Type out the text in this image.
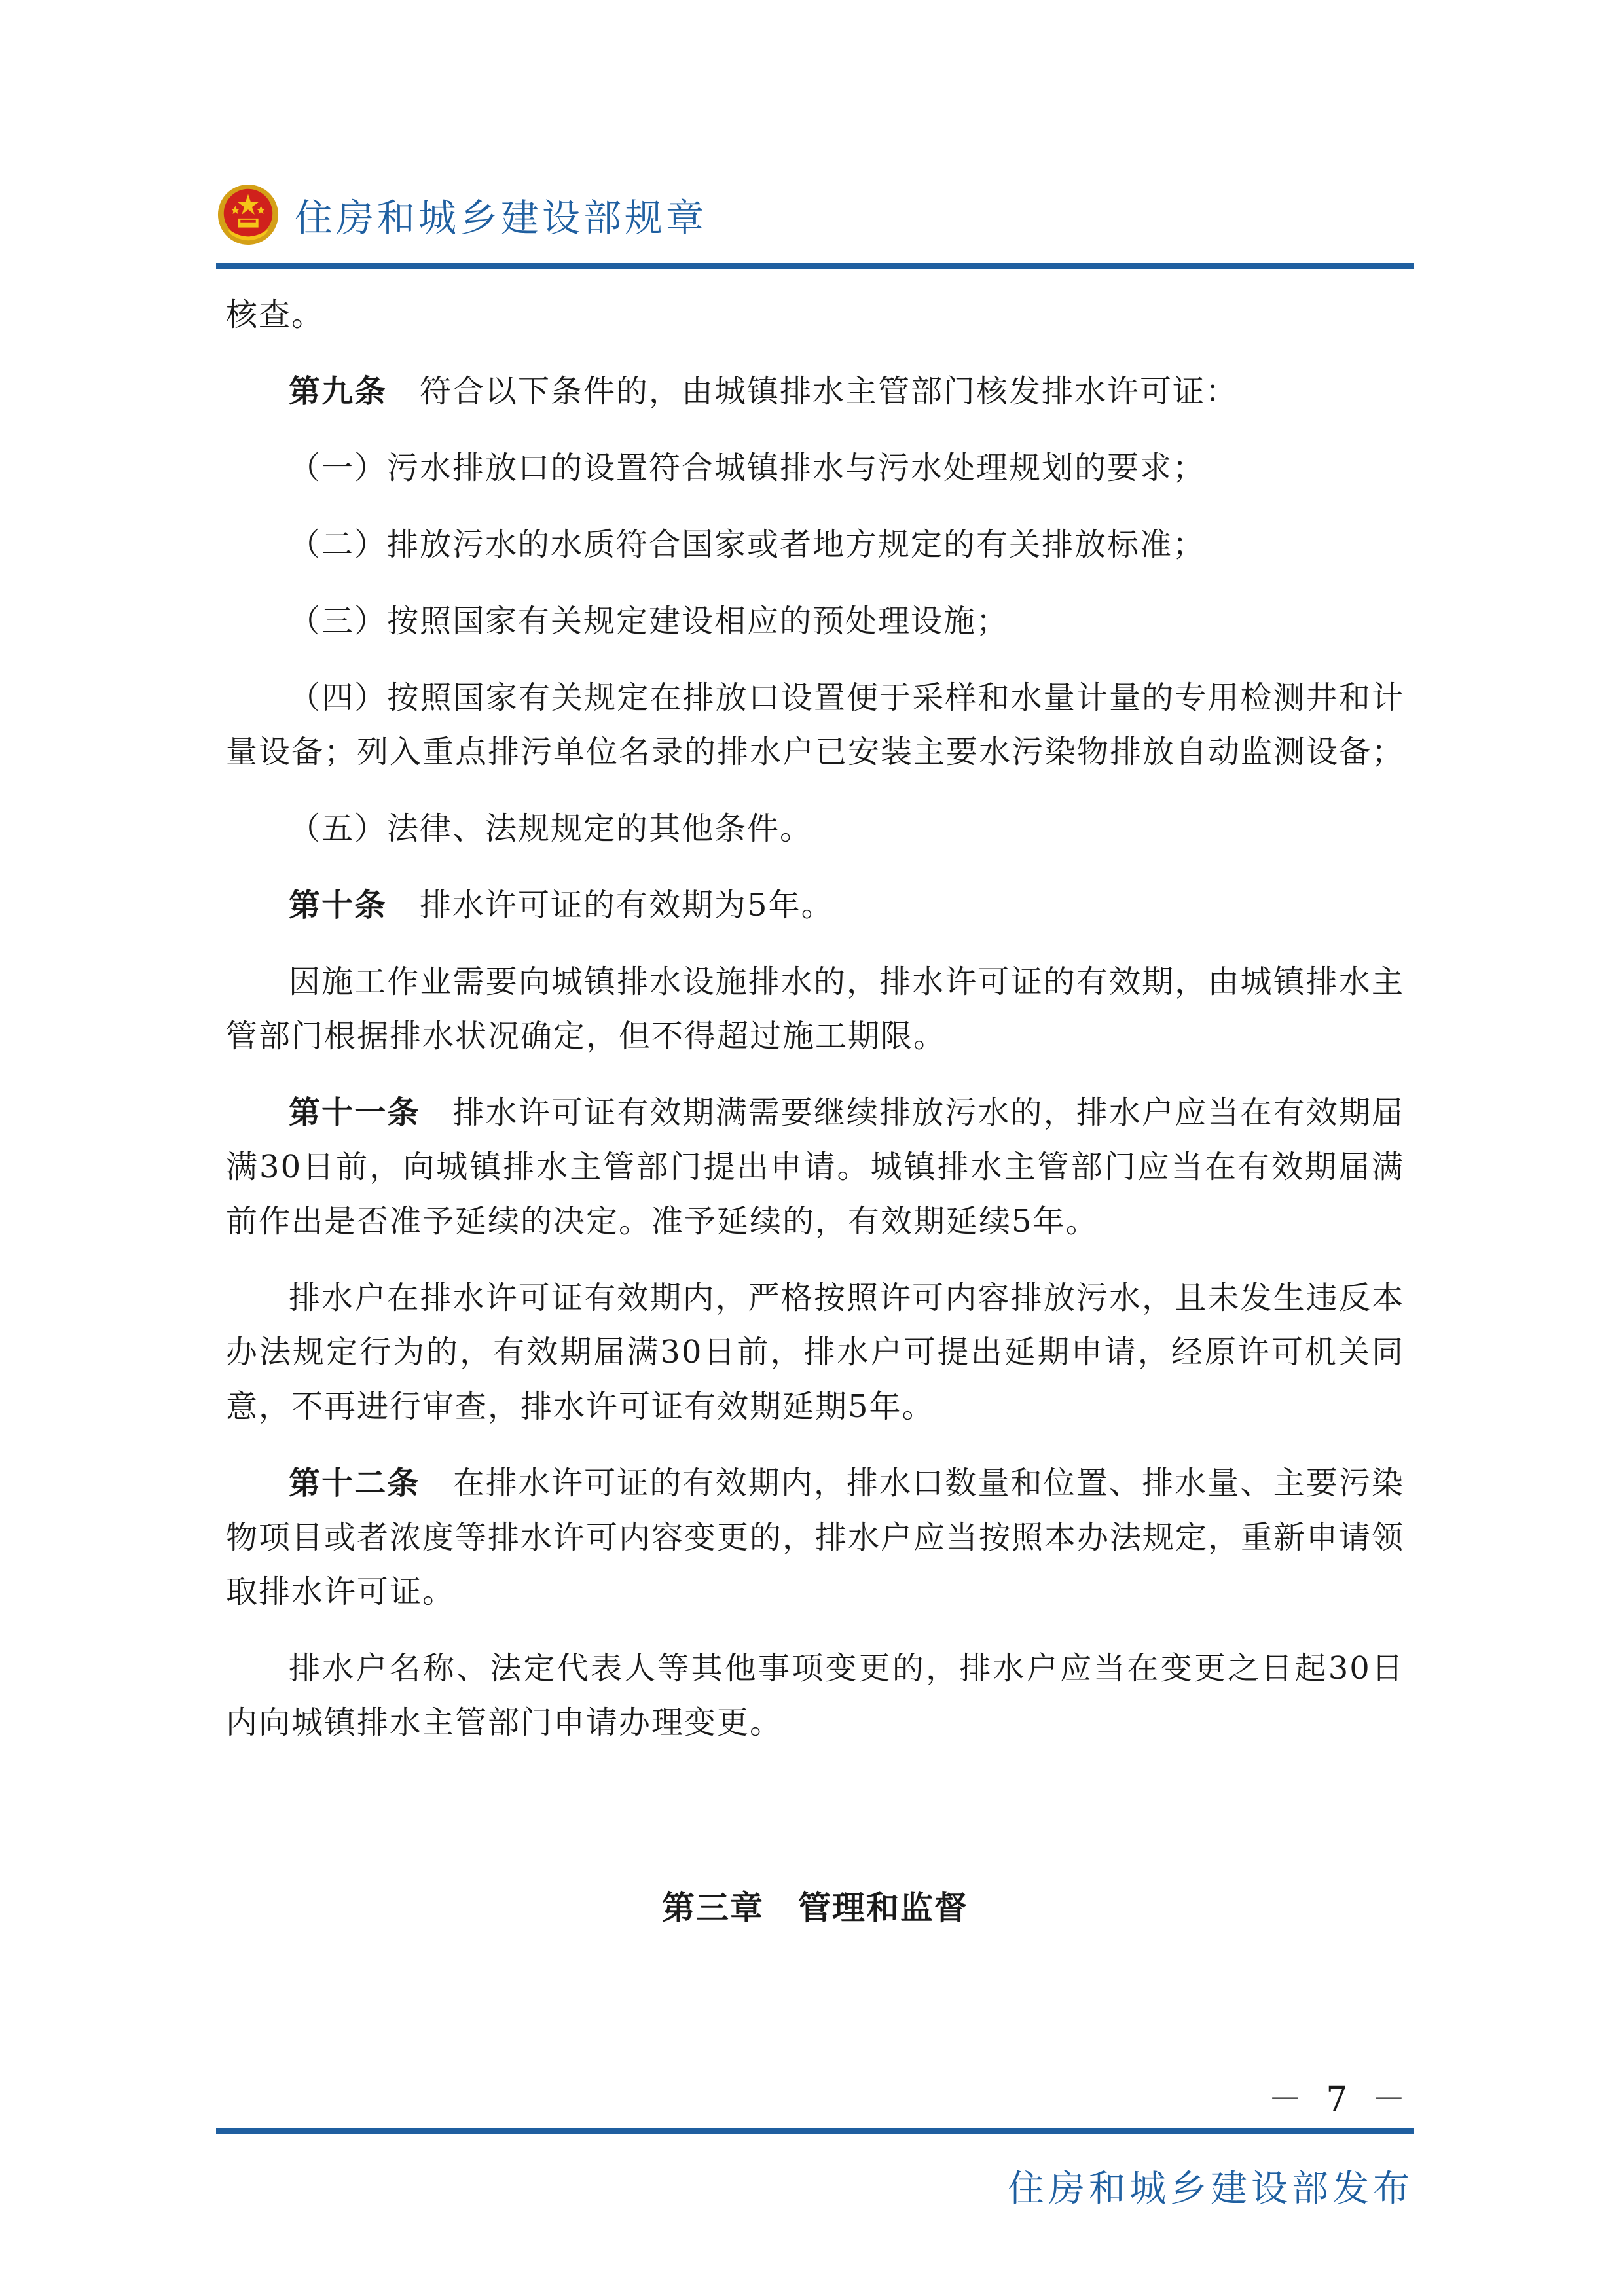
住房和城乡建设部规章

核查。

第九条　 符合以下条件的，由城镇排水主管部门核发排水许可证：

（一）污水排放口的设置符合城镇排水与污水处理规划的要求；

（二）排放污水的水质符合国家或者地方规定的有关排放标准；

（三）按照国家有关规定建设相应的预处理设施；

（四）按照国家有关规定在排放口设置便于采样和水量计量的专用检测井和计量设备；列入重点排污单位名录的排水户已安装主要水污染物排放自动监测设备；

（五）法律、法规规定的其他条件。

第十条　 排水许可证的有效期为5年。

因施工作业需要向城镇排水设施排水的，排水许可证的有效期，由城镇排水主管部门根据排水状况确定，但不得超过施工期限。

第十一条　 排水许可证有效期满需要继续排放污水的，排水户应当在有效期届满30日前，向城镇排水主管部门提出申请。城镇排水主管部门应当在有效期届满前作出是否准予延续的决定。准予延续的，有效期延续5年。

排水户在排水许可证有效期内，严格按照许可内容排放污水，且未发生违反本办法规定行为的，有效期届满30日前，排水户可提出延期申请，经原许可机关同意，不再进行审查，排水许可证有效期延期5年。

第十二条　 在排水许可证的有效期内，排水口数量和位置、排水量、主要污染物项目或者浓度等排水许可内容变更的，排水户应当按照本办法规定，重新申请领取排水许可证。

排水户名称、法定代表人等其他事项变更的，排水户应当在变更之日起30日内向城镇排水主管部门申请办理变更。

第三章　管理和监督

－ 7 －
住房和城乡建设部发布
